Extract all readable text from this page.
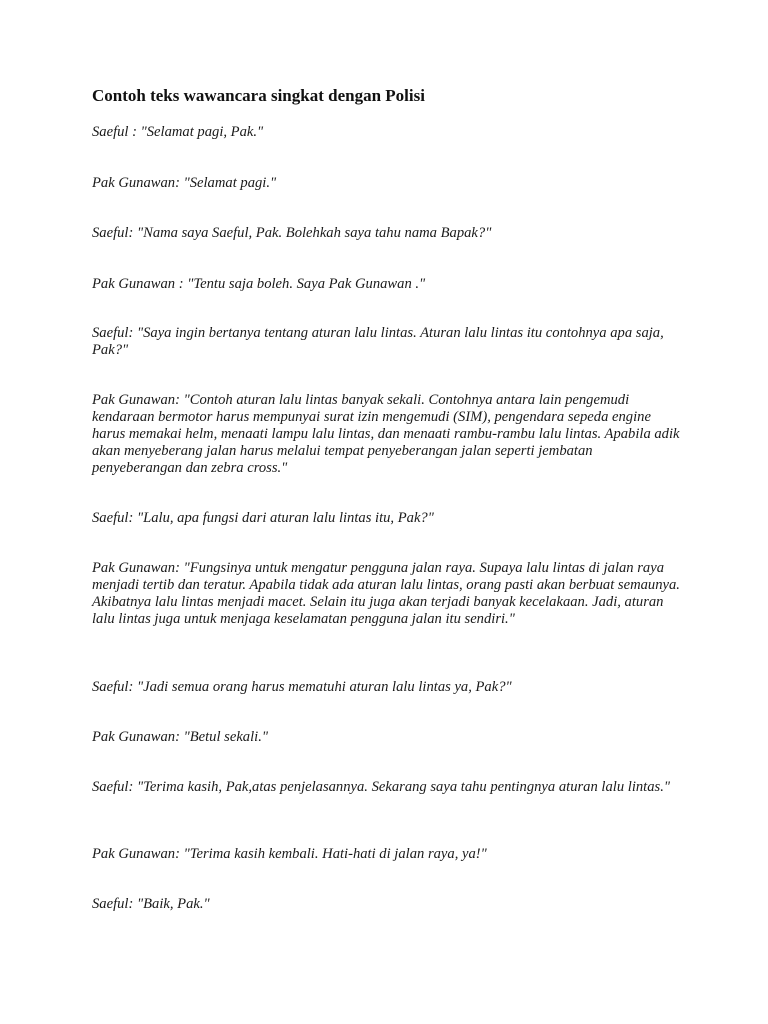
Contoh teks wawancara singkat dengan Polisi

Saeful : "Selamat pagi, Pak."

Pak Gunawan: "Selamat pagi."

Saeful: "Nama saya Saeful, Pak. Bolehkah saya tahu nama Bapak?"

Pak Gunawan : "Tentu saja boleh. Saya Pak Gunawan ."

Saeful: "Saya ingin bertanya tentang aturan lalu lintas. Aturan lalu lintas itu contohnya apa saja, Pak?"

Pak Gunawan: "Contoh aturan lalu lintas banyak sekali. Contohnya antara lain pengemudi kendaraan bermotor harus mempunyai surat izin mengemudi (SIM), pengendara sepeda engine harus memakai helm, menaati lampu lalu lintas, dan menaati rambu-rambu lalu lintas. Apabila adik akan menyeberang jalan harus melalui tempat penyeberangan jalan seperti jembatan penyeberangan dan zebra cross."

Saeful: "Lalu, apa fungsi dari aturan lalu lintas itu, Pak?"

Pak Gunawan: "Fungsinya untuk mengatur pengguna jalan raya. Supaya lalu lintas di jalan raya menjadi tertib dan teratur. Apabila tidak ada aturan lalu lintas, orang pasti akan berbuat semaunya. Akibatnya lalu lintas menjadi macet. Selain itu juga akan terjadi banyak kecelakaan. Jadi, aturan lalu lintas juga untuk menjaga keselamatan pengguna jalan itu sendiri."

Saeful: "Jadi semua orang harus mematuhi aturan lalu lintas ya, Pak?"

Pak Gunawan: "Betul sekali."

Saeful: "Terima kasih, Pak,atas penjelasannya. Sekarang saya tahu pentingnya aturan lalu lintas."

Pak Gunawan: "Terima kasih kembali. Hati-hati di jalan raya, ya!"

Saeful: "Baik, Pak."
